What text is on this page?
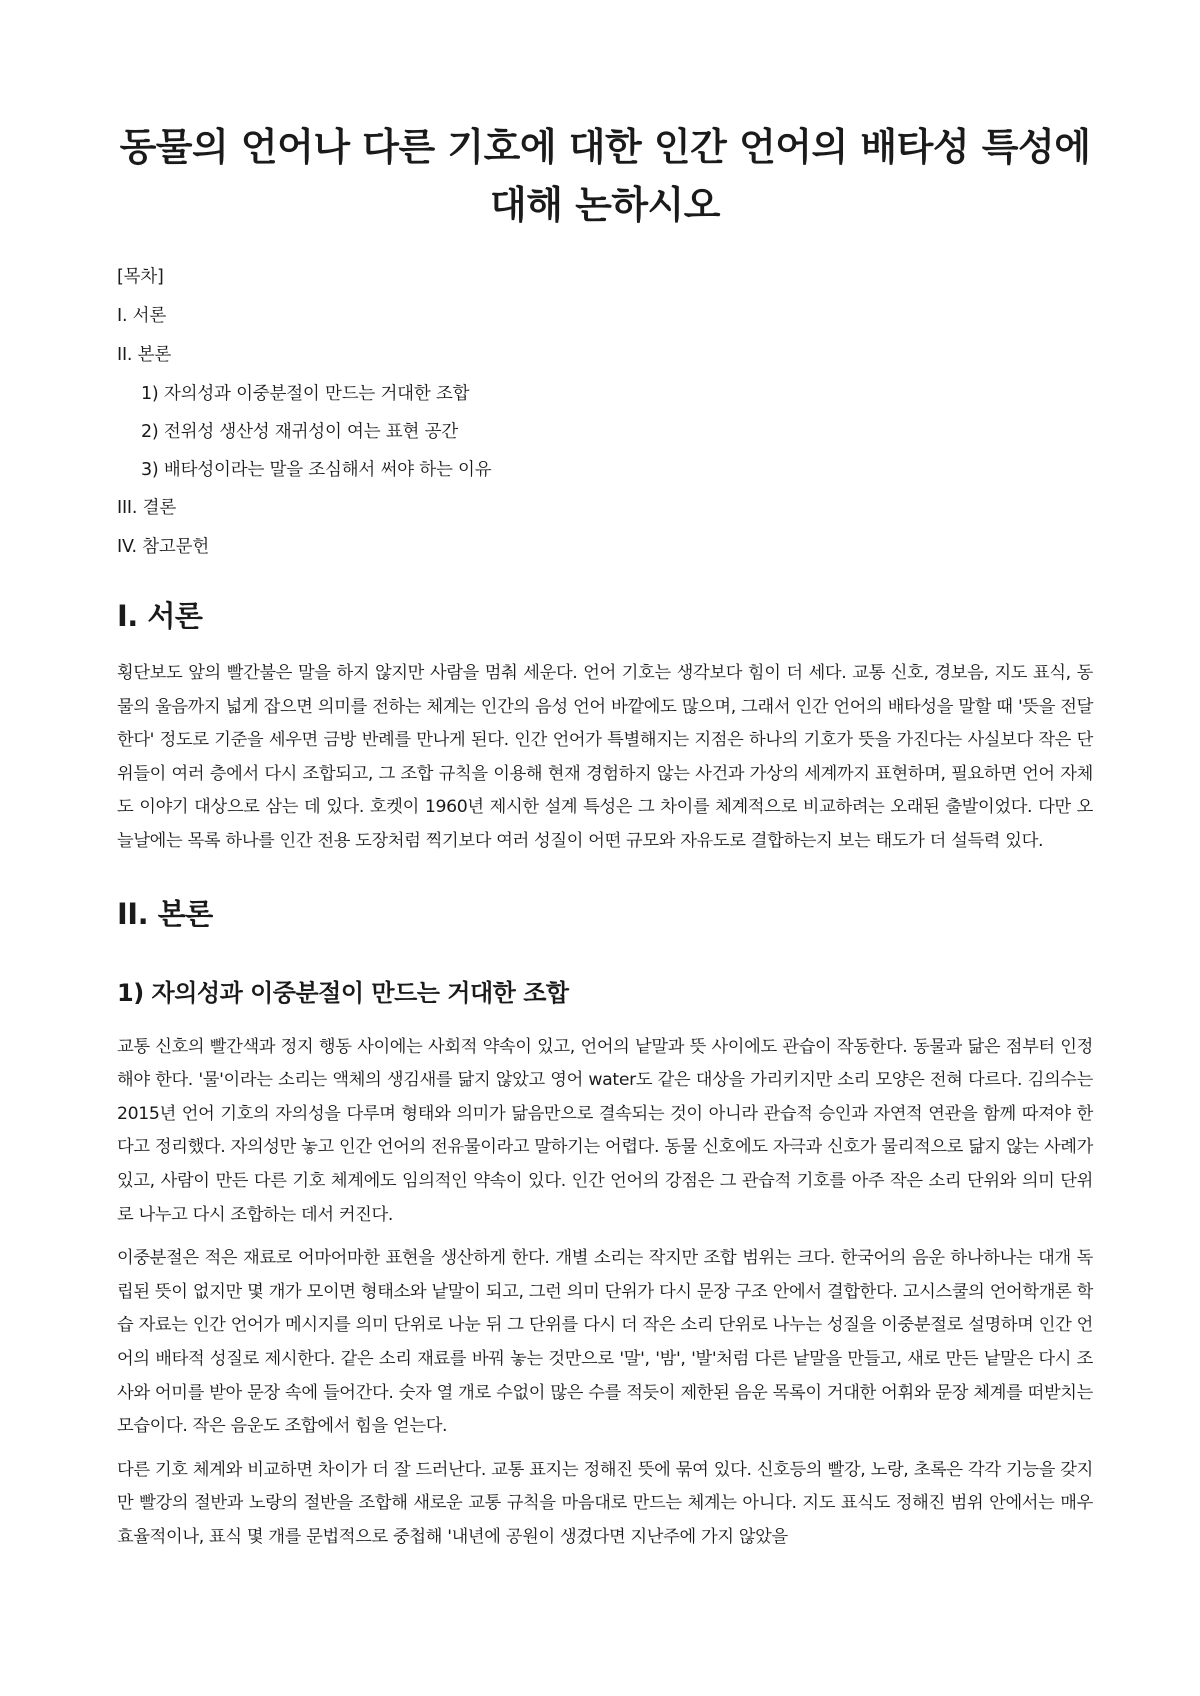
동물의 언어나 다른 기호에 대한 인간 언어의 배타성 특성에 대해 논하시오
[목차]
I. 서론
II. 본론
1) 자의성과 이중분절이 만드는 거대한 조합
2) 전위성 생산성 재귀성이 여는 표현 공간
3) 배타성이라는 말을 조심해서 써야 하는 이유
III. 결론
IV. 참고문헌
I. 서론

횡단보도 앞의 빨간불은 말을 하지 않지만 사람을 멈춰 세운다. 언어 기호는 생각보다 힘이 더 세다. 교통 신호, 경보음, 지도 표식, 동물의 울음까지 넓게 잡으면 의미를 전하는 체계는 인간의 음성 언어 바깥에도 많으며, 그래서 인간 언어의 배타성을 말할 때 '뜻을 전달한다' 정도로 기준을 세우면 금방 반례를 만나게 된다. 인간 언어가 특별해지는 지점은 하나의 기호가 뜻을 가진다는 사실보다 작은 단위들이 여러 층에서 다시 조합되고, 그 조합 규칙을 이용해 현재 경험하지 않는 사건과 가상의 세계까지 표현하며, 필요하면 언어 자체도 이야기 대상으로 삼는 데 있다. 호켓이 1960년 제시한 설계 특성은 그 차이를 체계적으로 비교하려는 오래된 출발이었다. 다만 오늘날에는 목록 하나를 인간 전용 도장처럼 찍기보다 여러 성질이 어떤 규모와 자유도로 결합하는지 보는 태도가 더 설득력 있다.

II. 본론
1) 자의성과 이중분절이 만드는 거대한 조합

교통 신호의 빨간색과 정지 행동 사이에는 사회적 약속이 있고, 언어의 낱말과 뜻 사이에도 관습이 작동한다. 동물과 닮은 점부터 인정해야 한다. '물'이라는 소리는 액체의 생김새를 닮지 않았고 영어 water도 같은 대상을 가리키지만 소리 모양은 전혀 다르다. 김의수는 2015년 언어 기호의 자의성을 다루며 형태와 의미가 닮음만으로 결속되는 것이 아니라 관습적 승인과 자연적 연관을 함께 따져야 한다고 정리했다. 자의성만 놓고 인간 언어의 전유물이라고 말하기는 어렵다. 동물 신호에도 자극과 신호가 물리적으로 닮지 않는 사례가 있고, 사람이 만든 다른 기호 체계에도 임의적인 약속이 있다. 인간 언어의 강점은 그 관습적 기호를 아주 작은 소리 단위와 의미 단위로 나누고 다시 조합하는 데서 커진다.

이중분절은 적은 재료로 어마어마한 표현을 생산하게 한다. 개별 소리는 작지만 조합 범위는 크다. 한국어의 음운 하나하나는 대개 독립된 뜻이 없지만 몇 개가 모이면 형태소와 낱말이 되고, 그런 의미 단위가 다시 문장 구조 안에서 결합한다. 고시스쿨의 언어학개론 학습 자료는 인간 언어가 메시지를 의미 단위로 나눈 뒤 그 단위를 다시 더 작은 소리 단위로 나누는 성질을 이중분절로 설명하며 인간 언어의 배타적 성질로 제시한다. 같은 소리 재료를 바꿔 놓는 것만으로 '말', '밤', '발'처럼 다른 낱말을 만들고, 새로 만든 낱말은 다시 조사와 어미를 받아 문장 속에 들어간다. 숫자 열 개로 수없이 많은 수를 적듯이 제한된 음운 목록이 거대한 어휘와 문장 체계를 떠받치는 모습이다. 작은 음운도 조합에서 힘을 얻는다.

다른 기호 체계와 비교하면 차이가 더 잘 드러난다. 교통 표지는 정해진 뜻에 묶여 있다. 신호등의 빨강, 노랑, 초록은 각각 기능을 갖지만 빨강의 절반과 노랑의 절반을 조합해 새로운 교통 규칙을 마음대로 만드는 체계는 아니다. 지도 표식도 정해진 범위 안에서는 매우 효율적이나, 표식 몇 개를 문법적으로 중첩해 '내년에 공원이 생겼다면 지난주에 가지 않았을
